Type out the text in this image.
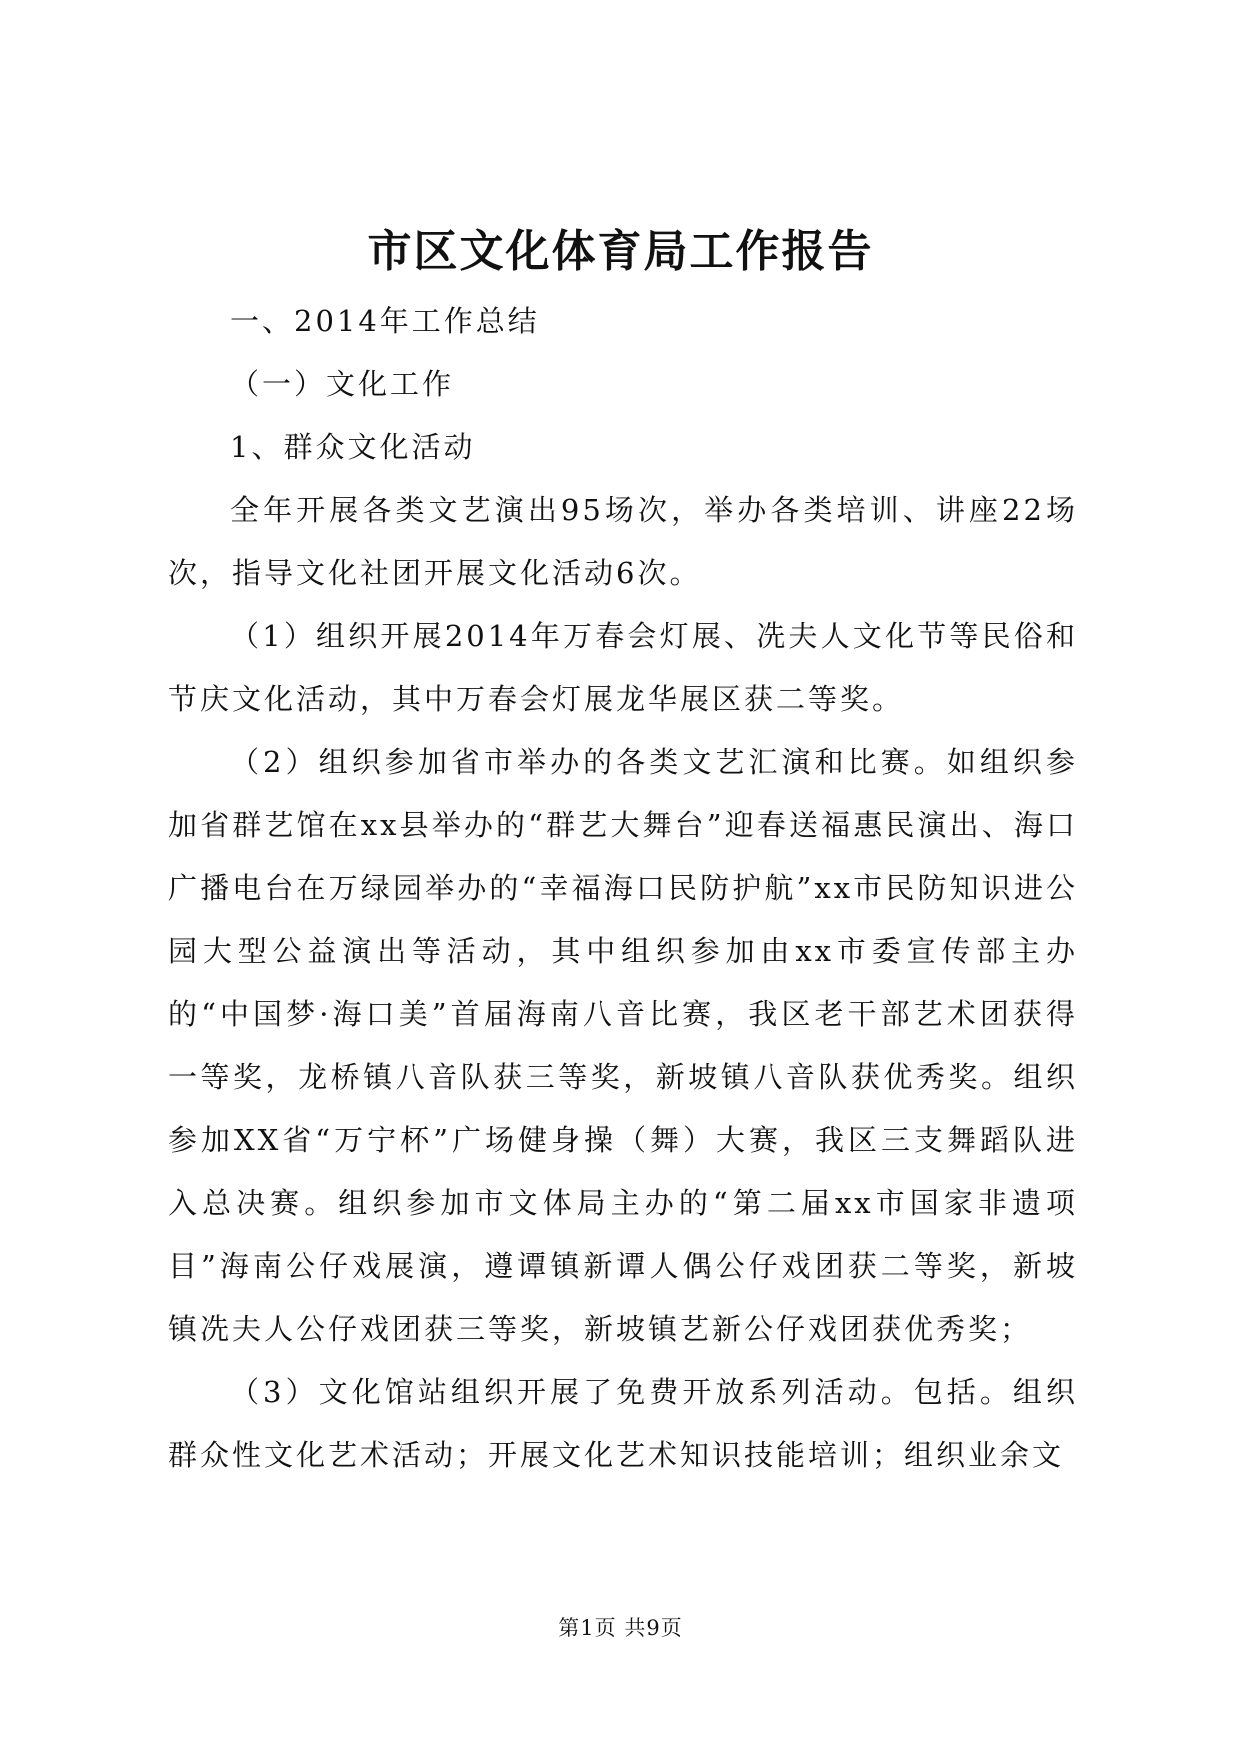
市区文化体育局工作报告

一、2014年工作总结

（一）文化工作

1、群众文化活动

全年开展各类文艺演出95场次，举办各类培训、讲座22场次，指导文化社团开展文化活动6次。

（1）组织开展2014年万春会灯展、冼夫人文化节等民俗和节庆文化活动，其中万春会灯展龙华展区获二等奖。

（2）组织参加省市举办的各类文艺汇演和比赛。如组织参加省群艺馆在xx县举办的“群艺大舞台”迎春送福惠民演出、海口广播电台在万绿园举办的“幸福海口民防护航”xx市民防知识进公园大型公益演出等活动，其中组织参加由xx市委宣传部主办的“中国梦·海口美”首届海南八音比赛，我区老干部艺术团获得一等奖，龙桥镇八音队获三等奖，新坡镇八音队获优秀奖。组织参加XX省“万宁杯”广场健身操（舞）大赛，我区三支舞蹈队进入总决赛。组织参加市文体局主办的“第二届xx市国家非遗项目”海南公仔戏展演，遵谭镇新谭人偶公仔戏团获二等奖，新坡镇冼夫人公仔戏团获三等奖，新坡镇艺新公仔戏团获优秀奖；

（3）文化馆站组织开展了免费开放系列活动。包括。组织群众性文化艺术活动；开展文化艺术知识技能培训；组织业余文

第1页 共9页
